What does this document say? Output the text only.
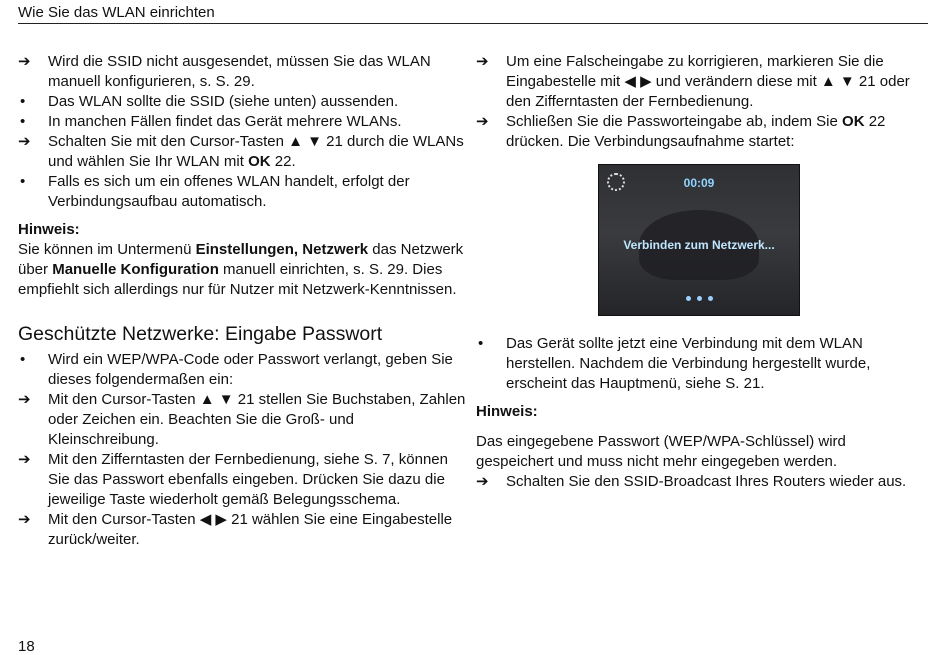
Wie Sie das WLAN einrichten
➔	Wird die SSID nicht ausgesendet, müssen Sie das WLAN manuell konfigurieren, s. S. 29.
•	Das WLAN sollte die SSID (siehe unten) aussenden.
•	In manchen Fällen findet das Gerät mehrere WLANs.
➔	Schalten Sie mit den Cursor-Tasten ▲ ▼ 21 durch die WLANs und wählen Sie Ihr WLAN mit OK 22.
•	Falls es sich um ein offenes WLAN handelt, erfolgt der Verbindungsaufbau automatisch.
Hinweis:
Sie können im Untermenü Einstellungen, Netzwerk das Netzwerk über Manuelle Konfiguration manuell einrichten, s. S. 29. Dies empfiehlt sich allerdings nur für Nutzer mit Netzwerk-Kenntnissen.
Geschützte Netzwerke: Eingabe Passwort
•	Wird ein WEP/WPA-Code oder Passwort verlangt, geben Sie dieses folgendermaßen ein:
➔	Mit den Cursor-Tasten ▲ ▼ 21 stellen Sie Buchstaben, Zahlen oder Zeichen ein. Beachten Sie die Groß- und Kleinschreibung.
➔	Mit den Zifferntasten der Fernbedienung, siehe S. 7, können Sie das Passwort ebenfalls eingeben. Drücken Sie dazu die jeweilige Taste wiederholt gemäß Belegungsschema.
➔	Mit den Cursor-Tasten ◀ ▶ 21 wählen Sie eine Eingabestelle zurück/weiter.
➔	Um eine Falscheingabe zu korrigieren, markieren Sie die Eingabestelle mit ◀ ▶ und verändern diese mit ▲ ▼ 21 oder den Zifferntasten der Fernbedienung.
➔	Schließen Sie die Passworteingabe ab, indem Sie OK 22 drücken. Die Verbindungsaufnahme startet:
00:09
Verbinden zum Netzwerk...
•	Das Gerät sollte jetzt eine Verbindung mit dem WLAN herstellen. Nachdem die Verbindung hergestellt wurde, erscheint das Hauptmenü, siehe S. 21.
Hinweis:
Das eingegebene Passwort (WEP/WPA-Schlüssel) wird gespeichert und muss nicht mehr eingegeben werden.
➔	Schalten Sie den SSID-Broadcast Ihres Routers wieder aus.
18
